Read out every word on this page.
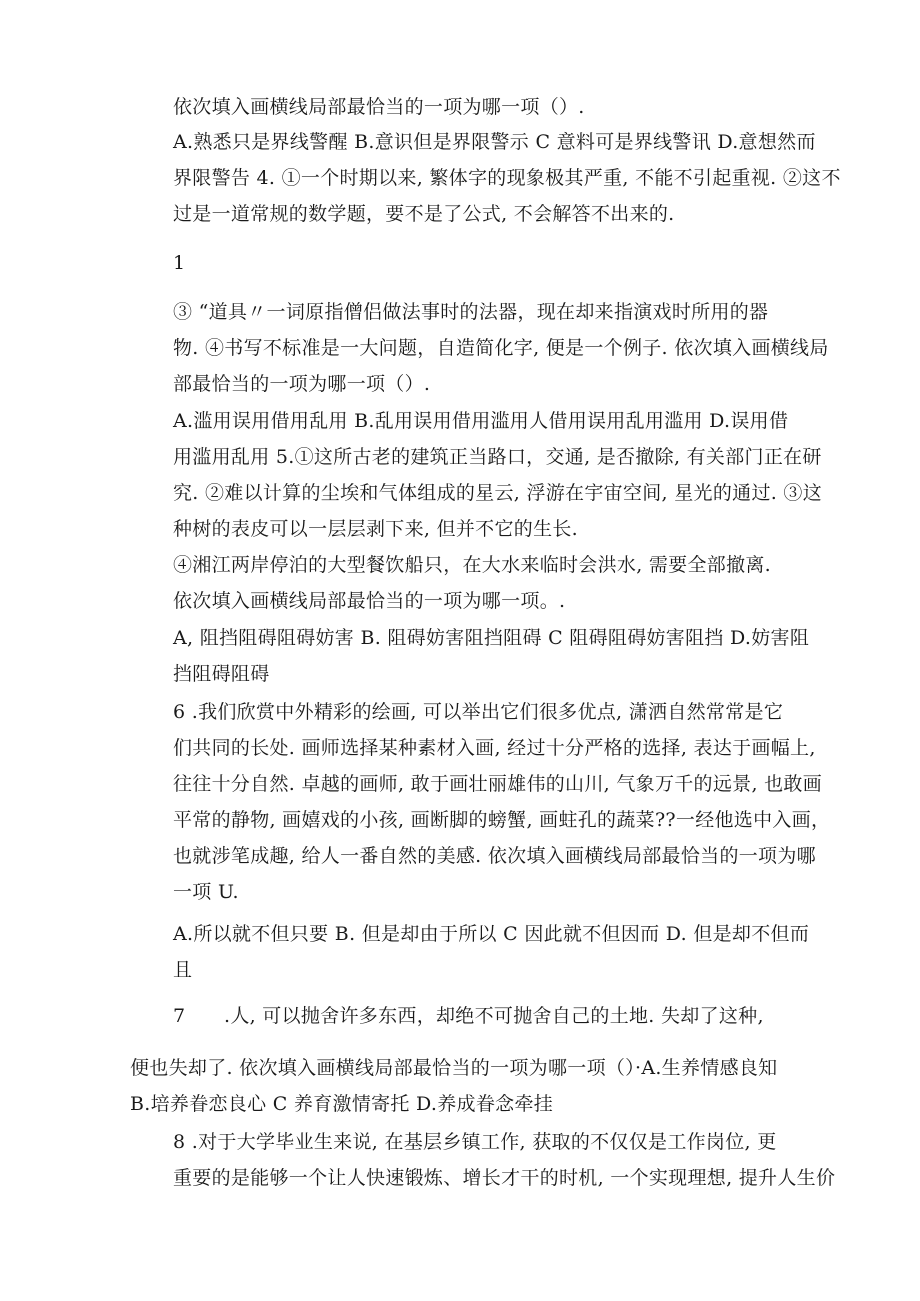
依次填入画横线局部最恰当的一项为哪一项（）.
A.熟悉只是界线警醒 B.意识但是界限警示 C 意料可是界线警讯 D.意想然而
界限警告 4. ①一个时期以来, 繁体字的现象极其严重, 不能不引起重视. ②这不
过是一道常规的数学题，要不是了公式, 不会解答不出来的.
1
③ “道具〃一词原指僧侣做法事时的法器，现在却来指演戏时所用的器
物. ④书写不标准是一大问题，自造简化字, 便是一个例子. 依次填入画横线局
部最恰当的一项为哪一项（）.
A.滥用误用借用乱用 B.乱用误用借用滥用人借用误用乱用滥用 D.误用借
用滥用乱用 5.①这所古老的建筑正当路口，交通, 是否撤除, 有关部门正在研
究. ②难以计算的尘埃和气体组成的星云, 浮游在宇宙空间, 星光的通过. ③这
种树的表皮可以一层层剥下来, 但并不它的生长.
④湘江两岸停泊的大型餐饮船只，在大水来临时会洪水, 需要全部撤离.
依次填入画横线局部最恰当的一项为哪一项。.
A, 阻挡阻碍阻碍妨害 B. 阻碍妨害阻挡阻碍 C 阻碍阻碍妨害阻挡 D.妨害阻
挡阻碍阻碍
6 .我们欣赏中外精彩的绘画, 可以举出它们很多优点, 潇洒自然常常是它
们共同的长处. 画师选择某种素材入画, 经过十分严格的选择, 表达于画幅上,
往往十分自然. 卓越的画师, 敢于画壮丽雄伟的山川, 气象万千的远景, 也敢画
平常的静物, 画嬉戏的小孩, 画断脚的螃蟹, 画蛀孔的蔬菜??一经他选中入画，
也就涉笔成趣, 给人一番自然的美感. 依次填入画横线局部最恰当的一项为哪
一项 U.
A.所以就不但只要 B. 但是却由于所以 C 因此就不但因而 D. 但是却不但而
且
7　　.人, 可以抛舍许多东西，却绝不可抛舍自己的土地. 失却了这种,
便也失却了. 依次填入画横线局部最恰当的一项为哪一项（）·A.生养情感良知
B.培养眷恋良心 C 养育激情寄托 D.养成眷念牵挂
8 .对于大学毕业生来说, 在基层乡镇工作, 获取的不仅仅是工作岗位, 更
重要的是能够一个让人快速锻炼、增长才干的时机, 一个实现理想, 提升人生价
